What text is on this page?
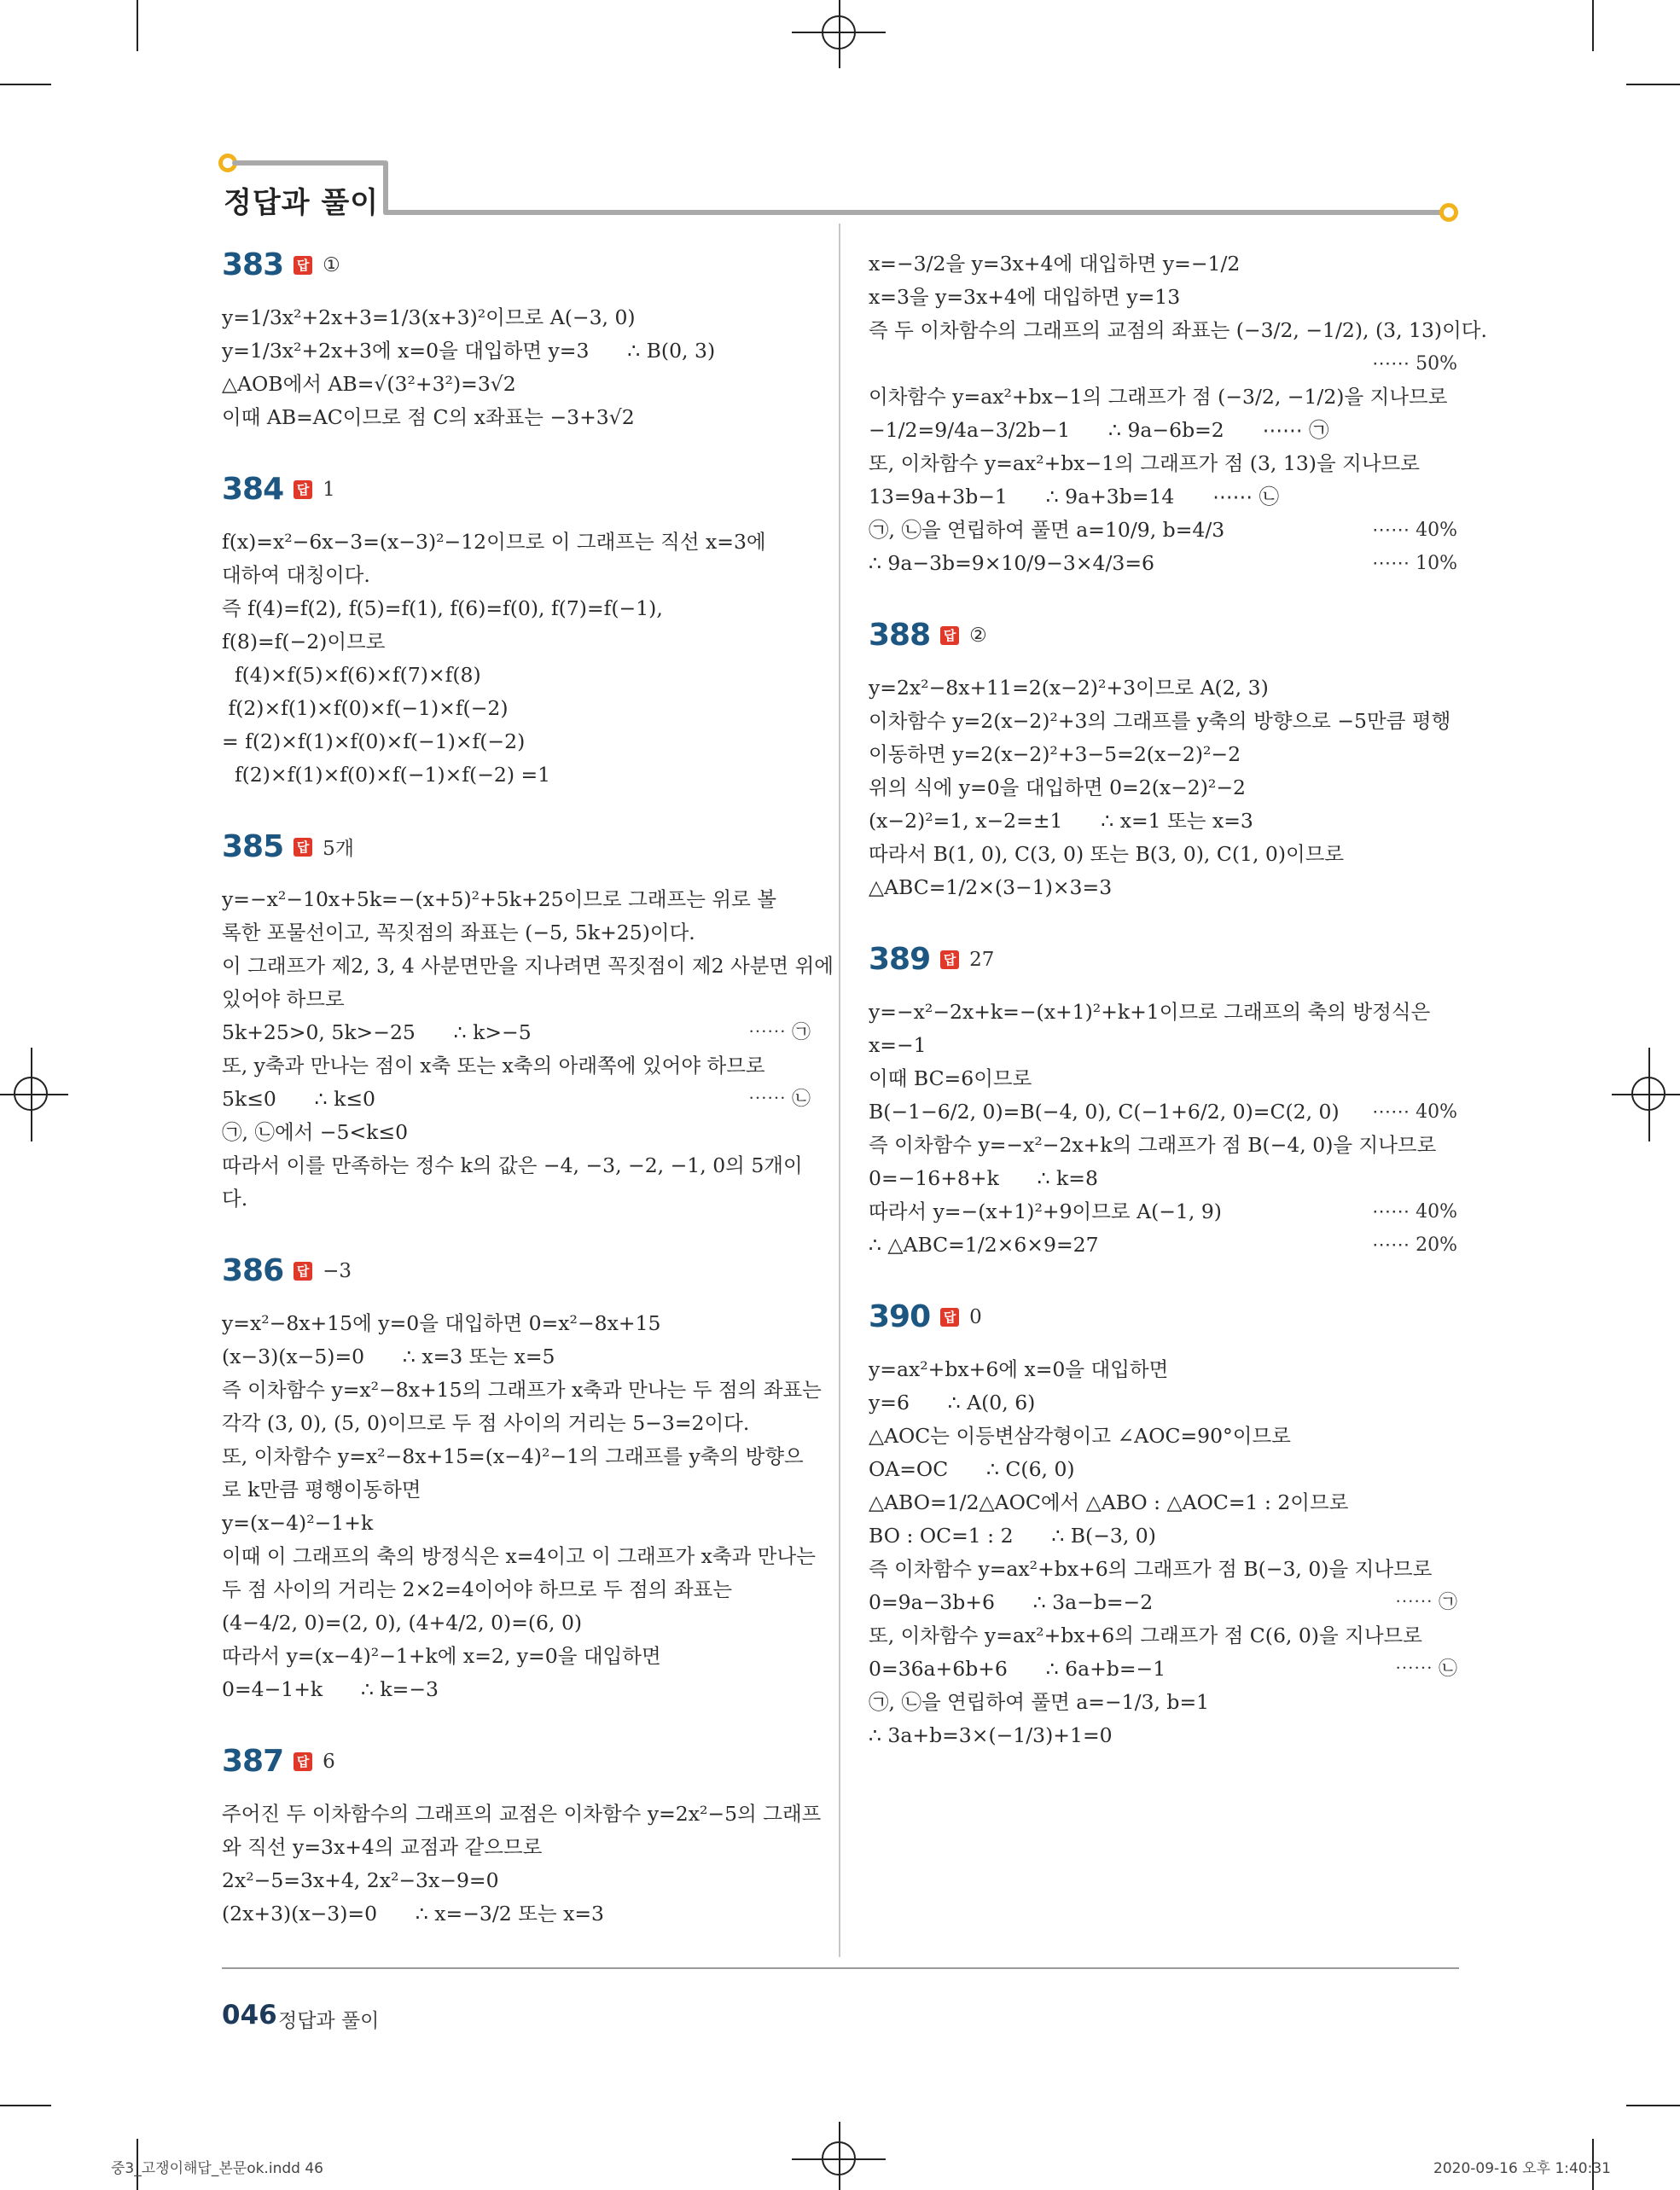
정답과 풀이
383 답 ①
y=1/3x²+2x+3=1/3(x+3)²이므로 A(−3, 0)
y=1/3x²+2x+3에 x=0을 대입하면 y=3      ∴ B(0, 3)
△AOB에서 AB=√(3²+3²)=3√2
이때 AB=AC이므로 점 C의 x좌표는 −3+3√2
384 답 1
f(x)=x²−6x−3=(x−3)²−12이므로 이 그래프는 직선 x=3에
대하여 대칭이다.
즉 f(4)=f(2), f(5)=f(1), f(6)=f(0), f(7)=f(−1),
f(8)=f(−2)이므로
f(4)×f(5)×f(6)×f(7)×f(8)
f(2)×f(1)×f(0)×f(−1)×f(−2)
= f(2)×f(1)×f(0)×f(−1)×f(−2)
f(2)×f(1)×f(0)×f(−1)×f(−2) =1
385 답 5개
y=−x²−10x+5k=−(x+5)²+5k+25이므로 그래프는 위로 볼
록한 포물선이고, 꼭짓점의 좌표는 (−5, 5k+25)이다.
이 그래프가 제2, 3, 4 사분면만을 지나려면 꼭짓점이 제2 사분면 위에
있어야 하므로
5k+25>0, 5k>−25      ∴ k>−5	⋯⋯ ㉠
또, y축과 만나는 점이 x축 또는 x축의 아래쪽에 있어야 하므로
5k≤0      ∴ k≤0	⋯⋯ ㉡
㉠, ㉡에서 −5<k≤0
따라서 이를 만족하는 정수 k의 값은 −4, −3, −2, −1, 0의 5개이
다.
386 답 −3
y=x²−8x+15에 y=0을 대입하면 0=x²−8x+15
(x−3)(x−5)=0      ∴ x=3 또는 x=5
즉 이차함수 y=x²−8x+15의 그래프가 x축과 만나는 두 점의 좌표는
각각 (3, 0), (5, 0)이므로 두 점 사이의 거리는 5−3=2이다.
또, 이차함수 y=x²−8x+15=(x−4)²−1의 그래프를 y축의 방향으
로 k만큼 평행이동하면
y=(x−4)²−1+k
이때 이 그래프의 축의 방정식은 x=4이고 이 그래프가 x축과 만나는
두 점 사이의 거리는 2×2=4이어야 하므로 두 점의 좌표는
(4−4/2, 0)=(2, 0), (4+4/2, 0)=(6, 0)
따라서 y=(x−4)²−1+k에 x=2, y=0을 대입하면
0=4−1+k      ∴ k=−3
387 답 6
주어진 두 이차함수의 그래프의 교점은 이차함수 y=2x²−5의 그래프
와 직선 y=3x+4의 교점과 같으므로
2x²−5=3x+4, 2x²−3x−9=0
(2x+3)(x−3)=0      ∴ x=−3/2 또는 x=3
x=−3/2을 y=3x+4에 대입하면 y=−1/2
x=3을 y=3x+4에 대입하면 y=13
즉 두 이차함수의 그래프의 교점의 좌표는 (−3/2, −1/2), (3, 13)이다.

⋯⋯ 50%
이차함수 y=ax²+bx−1의 그래프가 점 (−3/2, −1/2)을 지나므로
−1/2=9/4a−3/2b−1      ∴ 9a−6b=2      ⋯⋯ ㉠
또, 이차함수 y=ax²+bx−1의 그래프가 점 (3, 13)을 지나므로
13=9a+3b−1      ∴ 9a+3b=14      ⋯⋯ ㉡
㉠, ㉡을 연립하여 풀면 a=10/9, b=4/3	⋯⋯ 40%
∴ 9a−3b=9×10/9−3×4/3=6	⋯⋯ 10%
388 답 ②
y=2x²−8x+11=2(x−2)²+3이므로 A(2, 3)
이차함수 y=2(x−2)²+3의 그래프를 y축의 방향으로 −5만큼 평행
이동하면 y=2(x−2)²+3−5=2(x−2)²−2
위의 식에 y=0을 대입하면 0=2(x−2)²−2
(x−2)²=1, x−2=±1      ∴ x=1 또는 x=3
따라서 B(1, 0), C(3, 0) 또는 B(3, 0), C(1, 0)이므로
△ABC=1/2×(3−1)×3=3
389 답 27
y=−x²−2x+k=−(x+1)²+k+1이므로 그래프의 축의 방정식은
x=−1
이때 BC=6이므로
B(−1−6/2, 0)=B(−4, 0), C(−1+6/2, 0)=C(2, 0) ⋯⋯ 40%
즉 이차함수 y=−x²−2x+k의 그래프가 점 B(−4, 0)을 지나므로
0=−16+8+k      ∴ k=8
따라서 y=−(x+1)²+9이므로 A(−1, 9)	⋯⋯ 40%
∴ △ABC=1/2×6×9=27	⋯⋯ 20%
390 답 0
y=ax²+bx+6에 x=0을 대입하면
y=6      ∴ A(0, 6)
△AOC는 이등변삼각형이고 ∠AOC=90°이므로
OA=OC      ∴ C(6, 0)
△ABO=1/2△AOC에서 △ABO : △AOC=1 : 2이므로
BO : OC=1 : 2      ∴ B(−3, 0)
즉 이차함수 y=ax²+bx+6의 그래프가 점 B(−3, 0)을 지나므로
0=9a−3b+6      ∴ 3a−b=−2	⋯⋯ ㉠
또, 이차함수 y=ax²+bx+6의 그래프가 점 C(6, 0)을 지나므로
0=36a+6b+6      ∴ 6a+b=−1	⋯⋯ ㉡
㉠, ㉡을 연립하여 풀면 a=−1/3, b=1
∴ 3a+b=3×(−1/3)+1=0
046 정답과 풀이
중3_고쟁이해답_본문ok.indd 46	2020-09-16 오후 1:40:31
